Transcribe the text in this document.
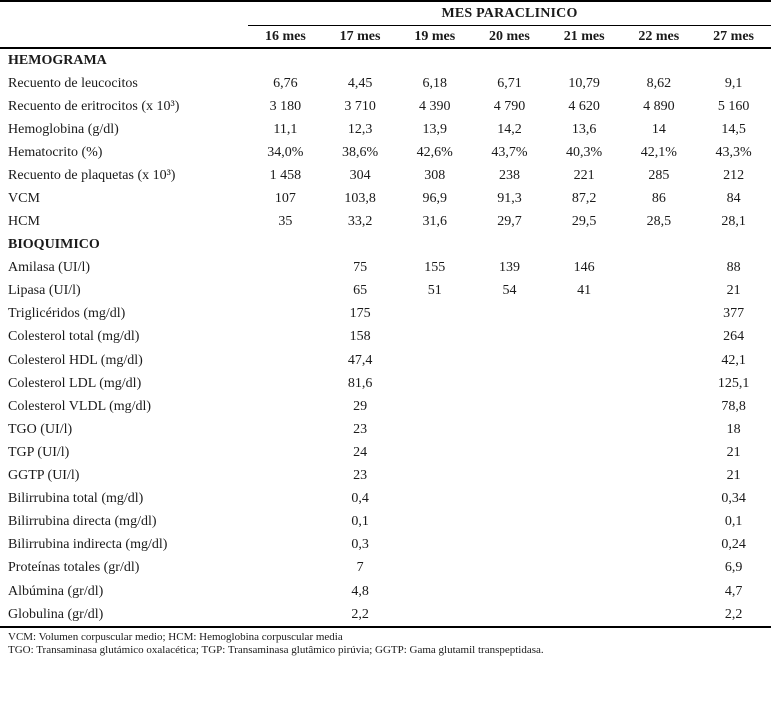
	MES PARACLINICO						
	16 mes	17 mes	19 mes	20 mes	21 mes	22 mes	27 mes
HEMOGRAMA							
Recuento de leucocitos	6,76	4,45	6,18	6,71	10,79	8,62	9,1
Recuento de eritrocitos (x 10³)	3 180	3 710	4 390	4 790	4 620	4 890	5 160
Hemoglobina (g/dl)	11,1	12,3	13,9	14,2	13,6	14	14,5
Hematocrito (%)	34,0%	38,6%	42,6%	43,7%	40,3%	42,1%	43,3%
Recuento de plaquetas (x 10³)	1 458	304	308	238	221	285	212
VCM	107	103,8	96,9	91,3	87,2	86	84
HCM	35	33,2	31,6	29,7	29,5	28,5	28,1
BIOQUIMICO							
Amilasa (UI/l)		75	155	139	146		88
Lipasa (UI/l)		65	51	54	41		21
Triglicéridos (mg/dl)		175					377
Colesterol total (mg/dl)		158					264
Colesterol HDL (mg/dl)		47,4					42,1
Colesterol LDL (mg/dl)		81,6					125,1
Colesterol VLDL (mg/dl)		29					78,8
TGO (UI/l)		23					18
TGP (UI/l)		24					21
GGTP (UI/l)		23					21
Bilirrubina total (mg/dl)		0,4					0,34
Bilirrubina directa (mg/dl)		0,1					0,1
Bilirrubina indirecta (mg/dl)		0,3					0,24
Proteínas totales (gr/dl)		7					6,9
Albúmina (gr/dl)		4,8					4,7
Globulina (gr/dl)		2,2					2,2
VCM: Volumen corpuscular medio; HCM: Hemoglobina corpuscular media
TGO: Transaminasa glutámico oxalacética; TGP: Transaminasa glutâmico pirúvia; GGTP: Gama glutamil transpeptidasa.
